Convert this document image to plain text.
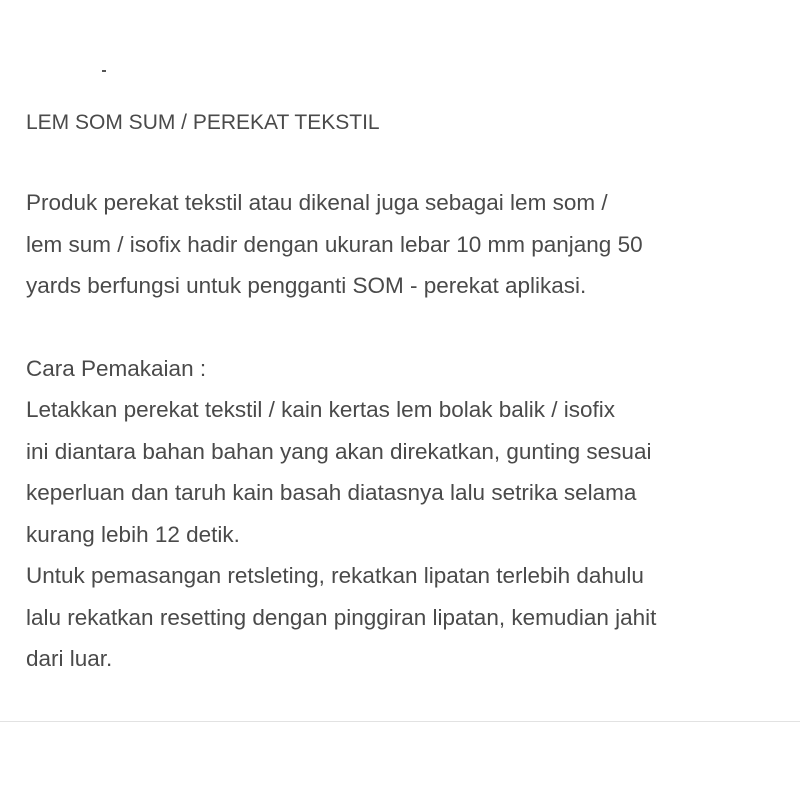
LEM SOM SUM / PEREKAT TEKSTIL

Produk perekat tekstil atau dikenal juga sebagai lem som /

lem sum / isofix hadir dengan ukuran lebar 10 mm panjang 50

yards berfungsi untuk pengganti SOM - perekat aplikasi.

Cara Pemakaian :

Letakkan perekat tekstil / kain kertas lem bolak balik / isofix

ini diantara bahan bahan yang akan direkatkan, gunting sesuai

keperluan dan taruh kain basah diatasnya lalu setrika selama

kurang lebih 12 detik.

Untuk pemasangan retsleting, rekatkan lipatan terlebih dahulu

lalu rekatkan resetting dengan pinggiran lipatan, kemudian jahit

dari luar.
